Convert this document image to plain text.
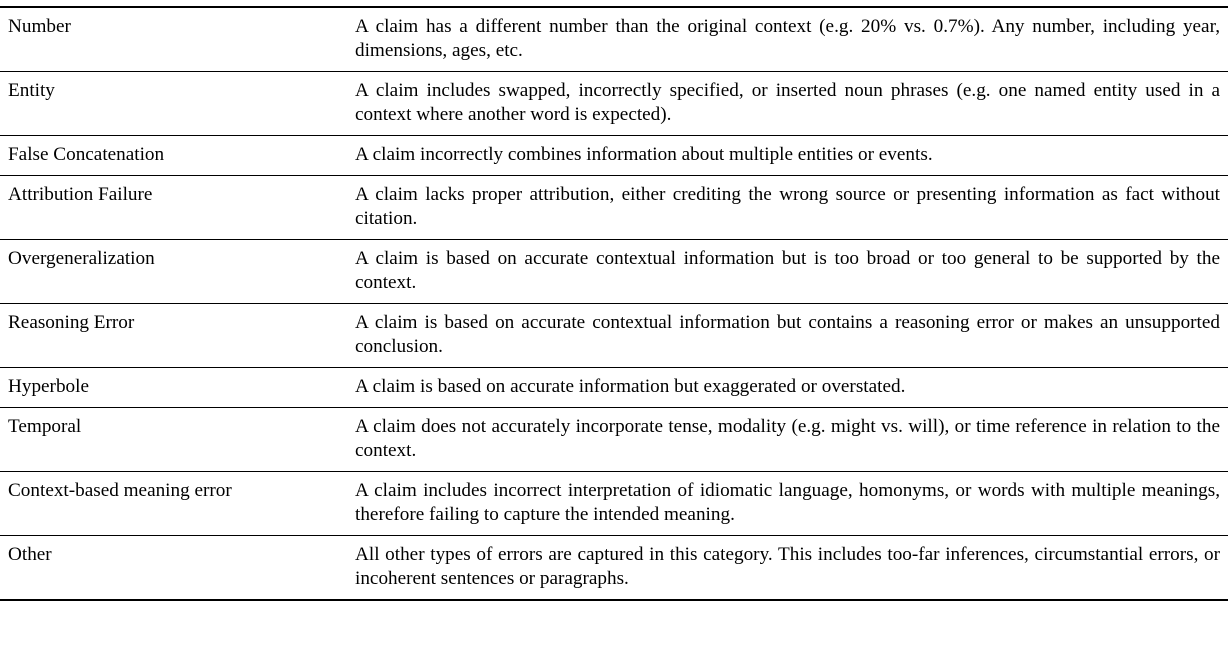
Number	A claim has a different number than the original context (e.g. 20% vs. 0.7%). Any number, including year, dimensions, ages, etc.
Entity	A claim includes swapped, incorrectly specified, or inserted noun phrases (e.g. one named entity used in a context where another word is expected).
False Concatenation	A claim incorrectly combines information about multiple entities or events.
Attribution Failure	A claim lacks proper attribution, either crediting the wrong source or presenting information as fact without citation.
Overgeneralization	A claim is based on accurate contextual information but is too broad or too general to be supported by the context.
Reasoning Error	A claim is based on accurate contextual information but contains a reasoning error or makes an unsupported conclusion.
Hyperbole	A claim is based on accurate information but exaggerated or overstated.
Temporal	A claim does not accurately incorporate tense, modality (e.g. might vs. will), or time reference in relation to the context.
Context-based meaning error	A claim includes incorrect interpretation of idiomatic language, homonyms, or words with multiple meanings, therefore failing to capture the intended meaning.
Other	All other types of errors are captured in this category. This includes too-far inferences, circumstantial errors, or incoherent sentences or paragraphs.
